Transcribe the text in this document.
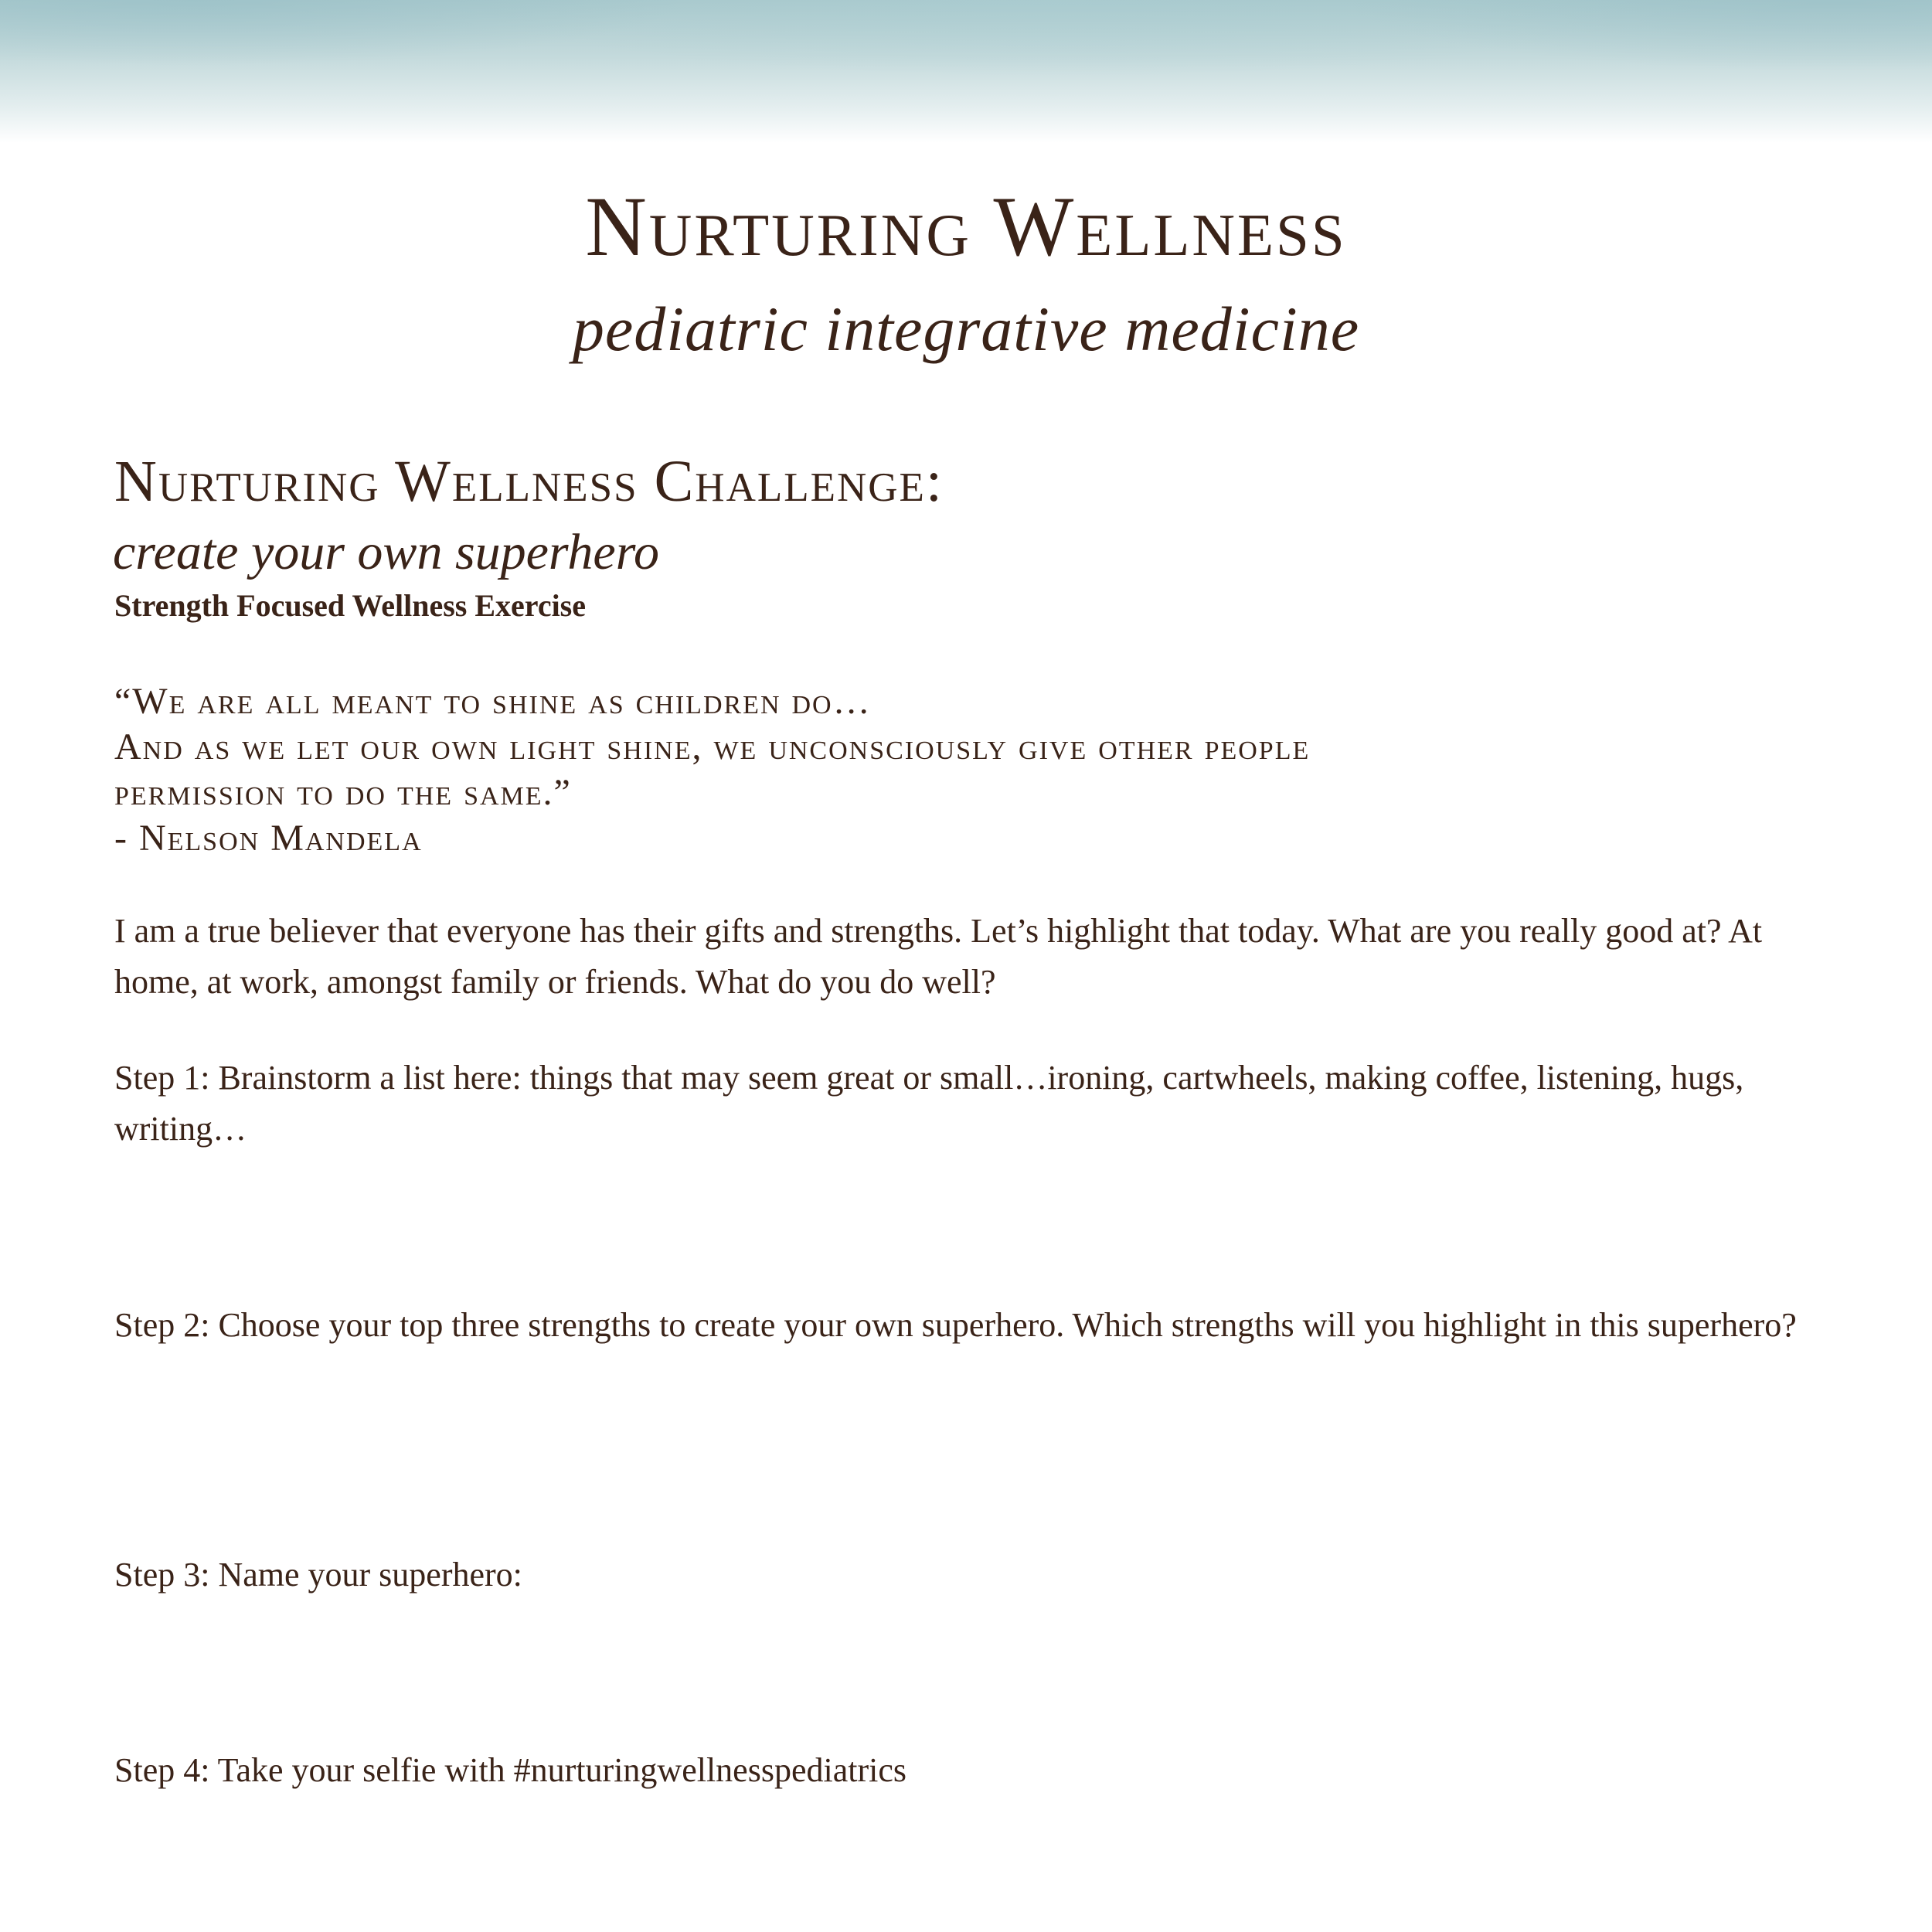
Nurturing Wellness
pediatric integrative medicine
Nurturing Wellness Challenge:
create your own superhero
Strength Focused Wellness Exercise
“We are all meant to shine as children do…
And as we let our own light shine, we unconsciously give other people
permission to do the same.”
- Nelson Mandela
I am a true believer that everyone has their gifts and strengths. Let’s highlight that today. What are you really good at? At home, at work, amongst family or friends. What do you do well?
Step 1: Brainstorm a list here: things that may seem great or small…ironing, cartwheels, making coffee, listening, hugs, writing…
Step 2: Choose your top three strengths to create your own superhero. Which strengths will you highlight in this superhero?
Step 3: Name your superhero:
Step 4: Take your selfie with #nurturingwellnesspediatrics
